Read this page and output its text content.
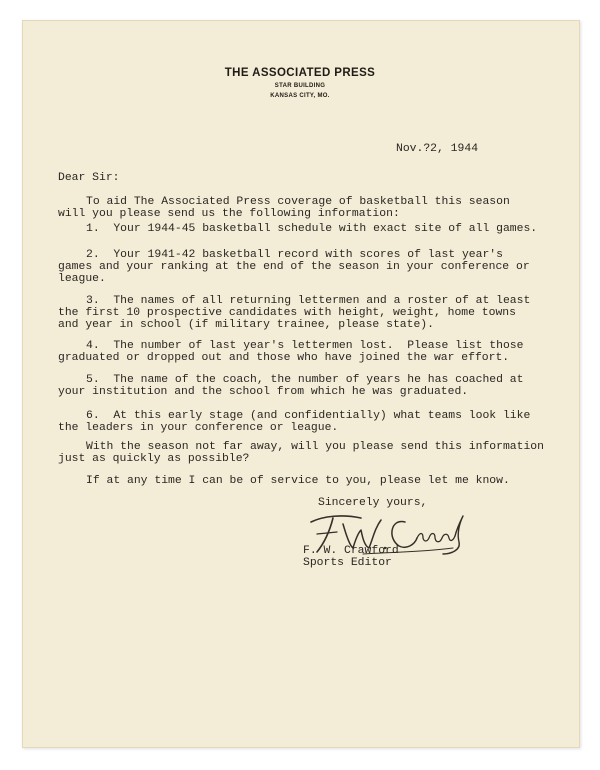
THE ASSOCIATED PRESS
STAR BUILDING
KANSAS CITY, MO.
Nov.?2, 1944
Dear Sir:
To aid The Associated Press coverage of basketball this season
will you please send us the following information:
1.  Your 1944-45 basketball schedule with exact site of all games.
2.  Your 1941-42 basketball record with scores of last year's
games and your ranking at the end of the season in your conference or
league.
3.  The names of all returning lettermen and a roster of at least
the first 10 prospective candidates with height, weight, home towns
and year in school (if military trainee, please state).
4.  The number of last year's lettermen lost.  Please list those
graduated or dropped out and those who have joined the war effort.
5.  The name of the coach, the number of years he has coached at
your institution and the school from which he was graduated.
6.  At this early stage (and confidentially) what teams look like
the leaders in your conference or league.
With the season not far away, will you please send this information
just as quickly as possible?
If at any time I can be of service to you, please let me know.
Sincerely yours,
F. W. Crawford
Sports Editor
